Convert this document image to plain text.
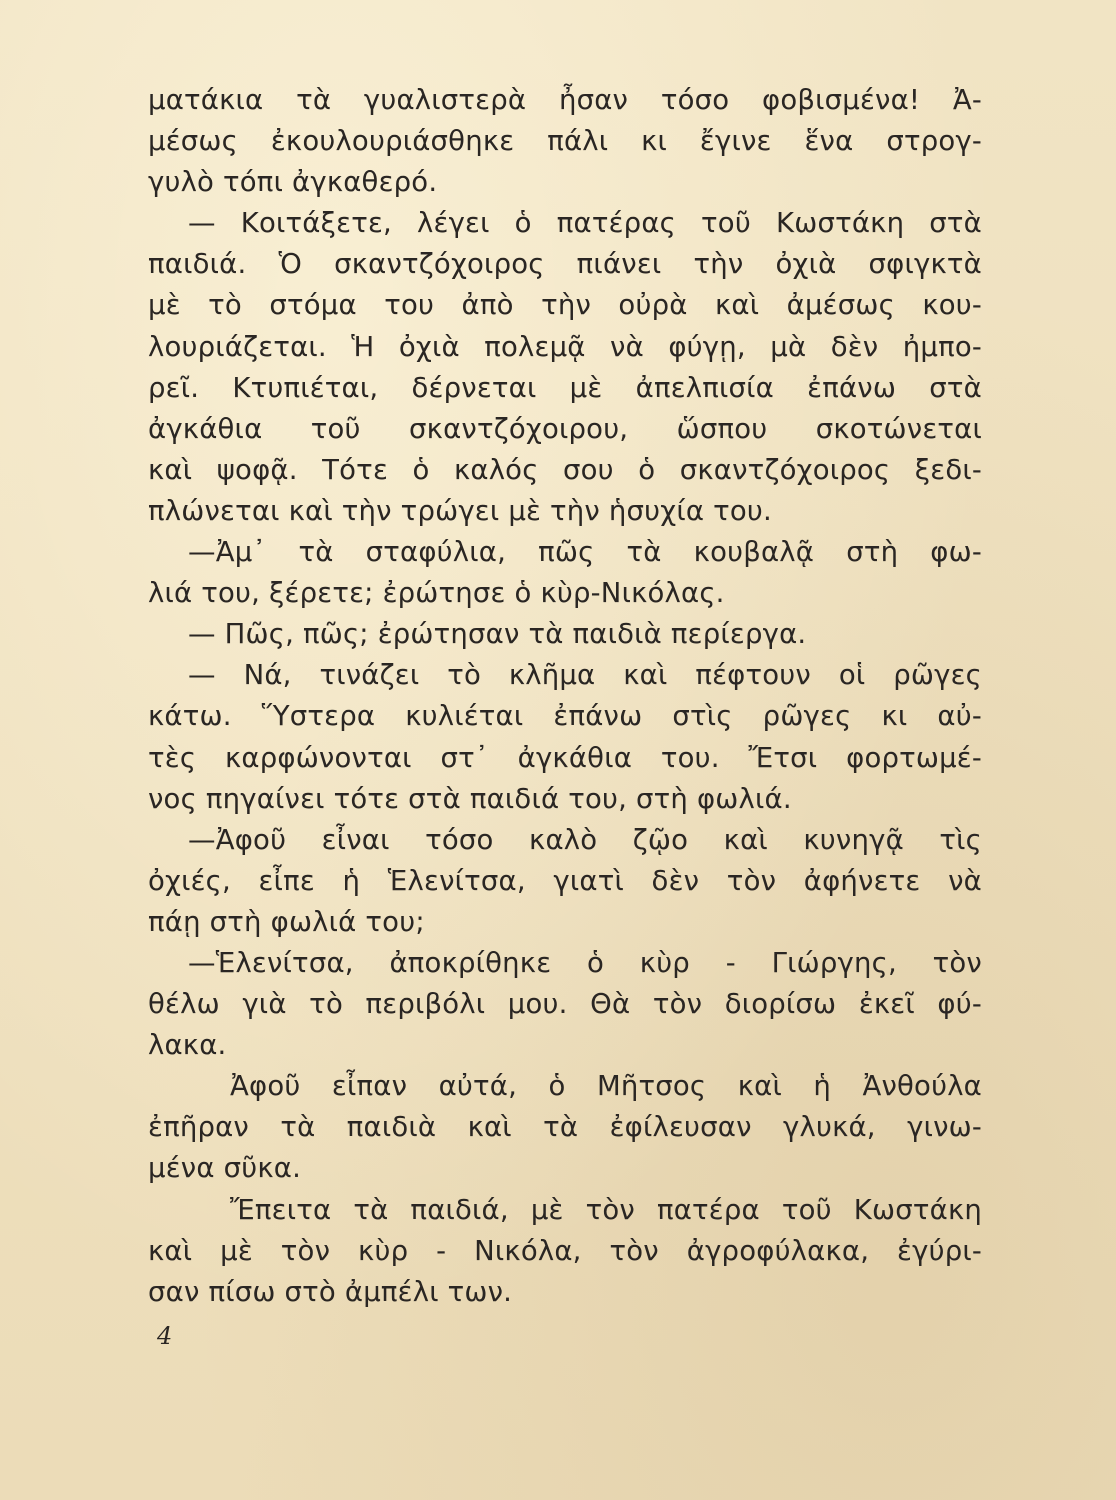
ματάκια τὰ γυαλιστερὰ ἦσαν τόσο φοβισμένα! Ἀ-
μέσως ἐκουλουριάσθηκε πάλι κι ἔγινε ἕνα στρογ-
γυλὸ τόπι ἀγκαθερό.
— Κοιτάξετε, λέγει ὁ πατέρας τοῦ Κωστάκη στὰ
παιδιά. Ὁ σκαντζόχοιρος πιάνει τὴν ὀχιὰ σφιγκτὰ
μὲ τὸ στόμα του ἀπὸ τὴν οὐρὰ καὶ ἀμέσως κου-
λουριάζεται. Ἡ ὀχιὰ πολεμᾷ νὰ φύγῃ, μὰ δὲν ἠμπο-
ρεῖ. Κτυπιέται, δέρνεται μὲ ἀπελπισία ἐπάνω στὰ
ἀγκάθια τοῦ σκαντζόχοιρου, ὥσπου σκοτώνεται
καὶ ψοφᾷ. Τότε ὁ καλός σου ὁ σκαντζόχοιρος ξεδι-
πλώνεται καὶ τὴν τρώγει μὲ τὴν ἡσυχία του.
—Ἀμ᾽ τὰ σταφύλια, πῶς τὰ κουβαλᾷ στὴ φω-
λιά του, ξέρετε; ἐρώτησε ὁ κὺρ-Νικόλας.
— Πῶς, πῶς; ἐρώτησαν τὰ παιδιὰ περίεργα.
— Νά, τινάζει τὸ κλῆμα καὶ πέφτουν οἱ ρῶγες
κάτω. Ὕστερα κυλιέται ἐπάνω στὶς ρῶγες κι αὐ-
τὲς καρφώνονται στ᾽ ἀγκάθια του. Ἔτσι φορτωμέ-
νος πηγαίνει τότε στὰ παιδιά του, στὴ φωλιά.
—Ἀφοῦ εἶναι τόσο καλὸ ζῷο καὶ κυνηγᾷ τὶς
ὀχιές, εἶπε ἡ Ἑλενίτσα, γιατὶ δὲν τὸν ἀφήνετε νὰ
πάῃ στὴ φωλιά του;
—Ἑλενίτσα, ἀποκρίθηκε ὁ κὺρ - Γιώργης, τὸν
θέλω γιὰ τὸ περιβόλι μου. Θὰ τὸν διορίσω ἐκεῖ φύ-
λακα.
Ἀφοῦ εἶπαν αὐτά, ὁ Μῆτσος καὶ ἡ Ἀνθούλα
ἐπῆραν τὰ παιδιὰ καὶ τὰ ἐφίλευσαν γλυκά, γινω-
μένα σῦκα.
Ἔπειτα τὰ παιδιά, μὲ τὸν πατέρα τοῦ Κωστάκη
καὶ μὲ τὸν κὺρ - Νικόλα, τὸν ἀγροφύλακα, ἐγύρι-
σαν πίσω στὸ ἀμπέλι των.
4
